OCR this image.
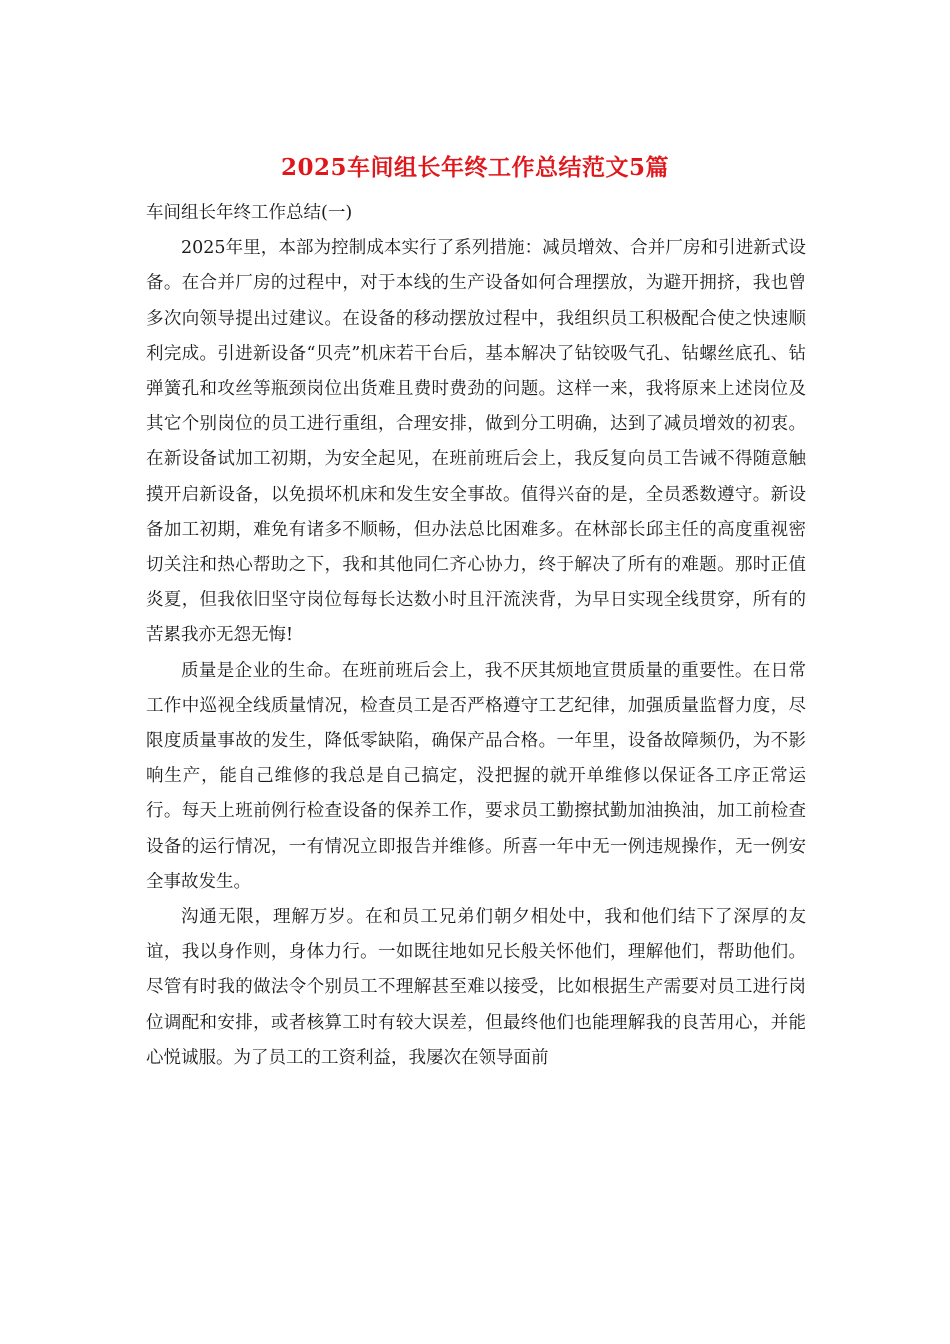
2025车间组长年终工作总结范文5篇

车间组长年终工作总结(一)

2025年里，本部为控制成本实行了系列措施：减员增效、合并厂房和引进新式设备。在合并厂房的过程中，对于本线的生产设备如何合理摆放，为避开拥挤，我也曾多次向领导提出过建议。在设备的移动摆放过程中，我组织员工积极配合使之快速顺利完成。引进新设备“贝壳”机床若干台后，基本解决了钻铰吸气孔、钻螺丝底孔、钻弹簧孔和攻丝等瓶颈岗位出货难且费时费劲的问题。这样一来，我将原来上述岗位及其它个别岗位的员工进行重组，合理安排，做到分工明确，达到了减员增效的初衷。在新设备试加工初期，为安全起见，在班前班后会上，我反复向员工告诫不得随意触摸开启新设备，以免损坏机床和发生安全事故。值得兴奋的是，全员悉数遵守。新设备加工初期，难免有诸多不顺畅，但办法总比困难多。在林部长邱主任的高度重视密切关注和热心帮助之下，我和其他同仁齐心协力，终于解决了所有的难题。那时正值炎夏，但我依旧坚守岗位每每长达数小时且汗流浃背，为早日实现全线贯穿，所有的苦累我亦无怨无悔!

质量是企业的生命。在班前班后会上，我不厌其烦地宣贯质量的重要性。在日常工作中巡视全线质量情况，检查员工是否严格遵守工艺纪律，加强质量监督力度，尽限度质量事故的发生，降低零缺陷，确保产品合格。一年里，设备故障频仍，为不影响生产，能自己维修的我总是自己搞定，没把握的就开单维修以保证各工序正常运行。每天上班前例行检查设备的保养工作，要求员工勤擦拭勤加油换油，加工前检查设备的运行情况，一有情况立即报告并维修。所喜一年中无一例违规操作，无一例安全事故发生。

沟通无限，理解万岁。在和员工兄弟们朝夕相处中，我和他们结下了深厚的友谊，我以身作则，身体力行。一如既往地如兄长般关怀他们，理解他们，帮助他们。尽管有时我的做法令个别员工不理解甚至难以接受，比如根据生产需要对员工进行岗位调配和安排，或者核算工时有较大误差，但最终他们也能理解我的良苦用心，并能心悦诚服。为了员工的工资利益，我屡次在领导面前
